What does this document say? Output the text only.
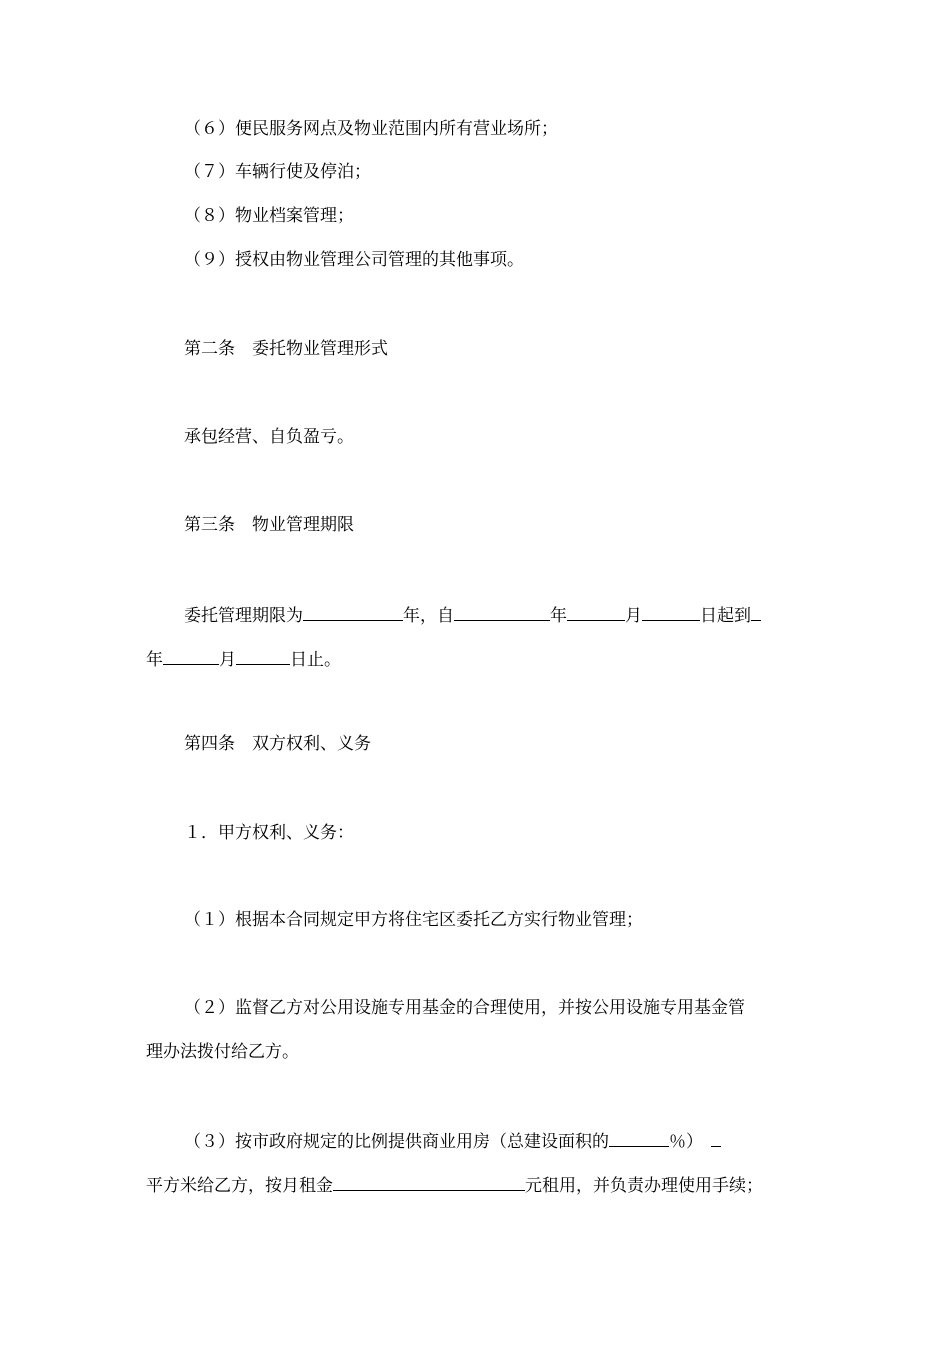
（６）便民服务网点及物业范围内所有营业场所；
（７）车辆行使及停泊；
（８）物业档案管理；
（９）授权由物业管理公司管理的其他事项。
第二条　委托物业管理形式
承包经营、自负盈亏。
第三条　物业管理期限
委托管理期限为	年，自	年	月	日起到
年	月	日止。
第四条　双方权利、义务
１．甲方权利、义务：
（１）根据本合同规定甲方将住宅区委托乙方实行物业管理；
（２）监督乙方对公用设施专用基金的合理使用，并按公用设施专用基金管
理办法拨付给乙方。
（３）按市政府规定的比例提供商业用房（总建设面积的	％）
平方米给乙方，按月租金	元租用，并负责办理使用手续；
